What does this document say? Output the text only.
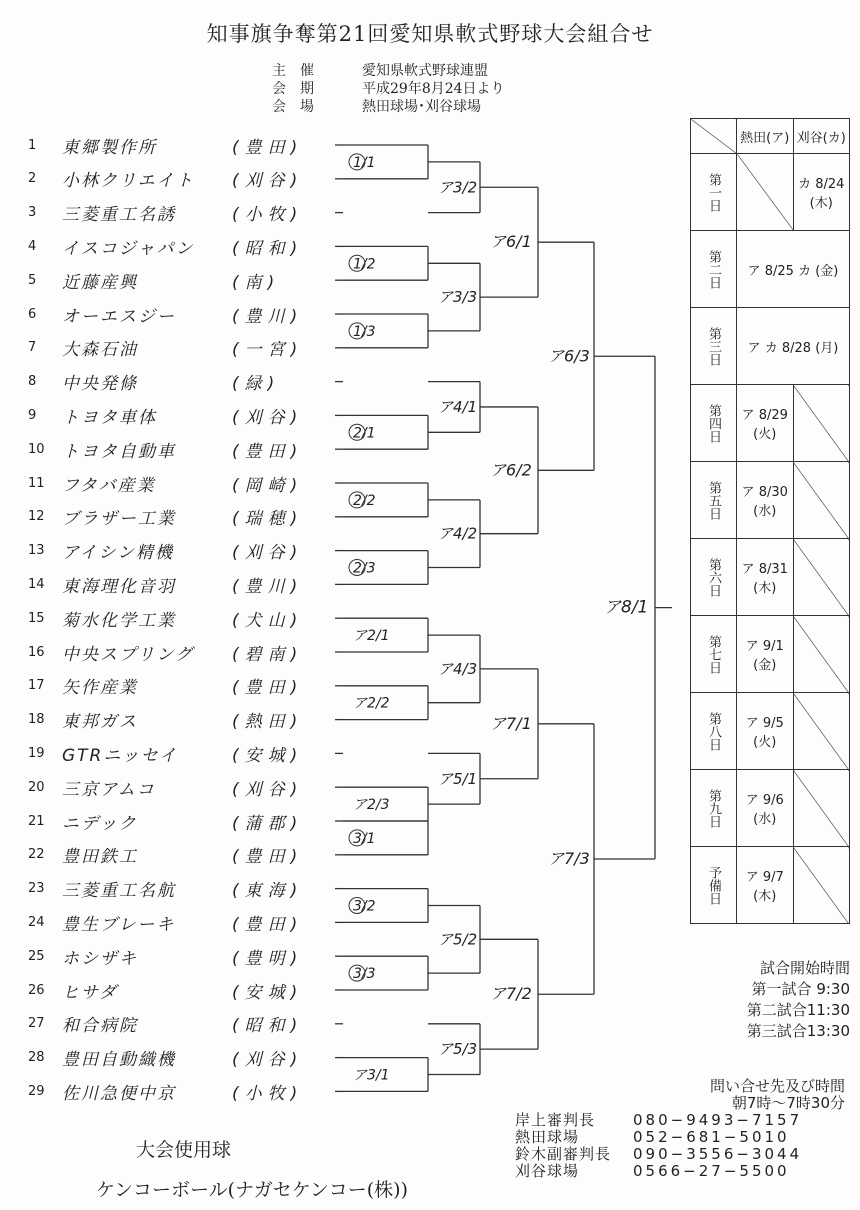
知事旗争奪第21回愛知県軟式野球大会組合せ
主催	愛知県軟式野球連盟
会期	平成29年8月24日より
会場	熱田球場･刈谷球場
1	東郷製作所	(豊田)
2	小林クリエイト	(刈谷)
3	三菱重工名誘	(小牧)
4	イスコジャパン	(昭和)
5	近藤産興	(南)
6	オーエスジー	(豊川)
7	大森石油	(一宮)
8	中央発條	(緑)
9	トヨタ車体	(刈谷)
10	トヨタ自動車	(豊田)
11	フタバ産業	(岡崎)
12	ブラザー工業	(瑞穂)
13	アイシン精機	(刈谷)
14	東海理化音羽	(豊川)
15	菊水化学工業	(犬山)
16	中央スプリング	(碧南)
17	矢作産業	(豊田)
18	東邦ガス	(熱田)
19	GTRニッセイ	(安城)
20	三京アムコ	(刈谷)
21	ニデック	(蒲郡)
22	豊田鉄工	(豊田)
23	三菱重工名航	(東海)
24	豊生ブレーキ	(豊田)
25	ホシザキ	(豊明)
26	ヒサダ	(安城)
27	和合病院	(昭和)
28	豊田自動織機	(刈谷)
29	佐川急便中京	(小牧)
1/1
1/2
1/3
2/1
2/2
2/3
ア2/1
ア2/2
ア2/3
3/1
3/2
3/3
ア3/1
ア3/2
ア3/3
ア4/1
ア4/2
ア4/3
ア5/1
ア5/2
ア5/3
ア6/1
ア6/2
ア7/1
ア7/2
ア6/3
ア7/3
ア8/1
	熱田(ア)	刈谷(カ)
第一日		カ 8/24 (木)
第二日	ア 8/25 カ (金)	
第三日	ア カ 8/28 (月)	
第四日	ア 8/29 (火)	
第五日	ア 8/30 (水)	
第六日	ア 8/31 (木)	
第七日	ア 9/1 (金)	
第八日	ア 9/5 (火)	
第九日	ア 9/6 (水)	
予備日	ア 9/7 (木)	
試合開始時間
第一試合 9:30
第二試合11:30
第三試合13:30
問い合せ先及び時間
朝7時〜7時30分
岸上審判長	080−9493−7157
熱田球場	052−681−5010
鈴木副審判長	090−3556−3044
刈谷球場	0566−27−5500
大会使用球
ケンコーボール(ナガセケンコー(株))
